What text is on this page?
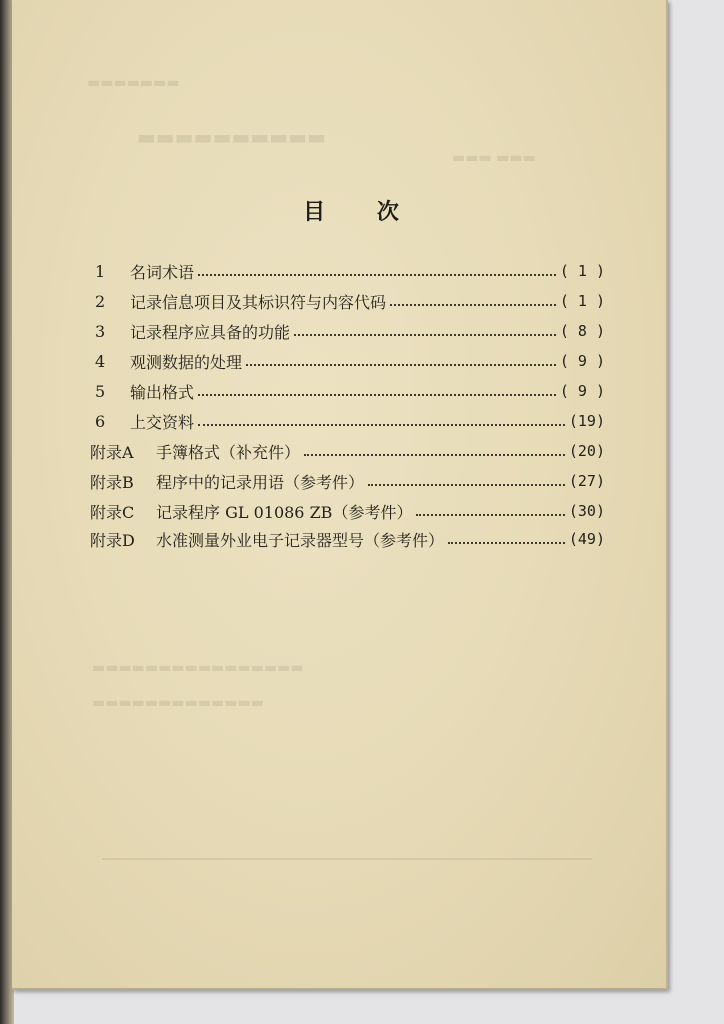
▬▬▬▬▬▬▬
▬▬▬▬▬▬▬▬▬▬
▬▬▬ ▬▬▬
▬▬▬▬▬▬▬▬▬▬▬▬▬▬▬▬
▬▬▬▬▬▬▬▬▬▬▬▬▬
目 次
1	名词术语	( 1 )
2	记录信息项目及其标识符与内容代码	( 1 )
3	记录程序应具备的功能	( 8 )
4	观测数据的处理	( 9 )
5	输出格式	( 9 )
6	上交资料	(19)
附录A	手簿格式（补充件）	(20)
附录B	程序中的记录用语（参考件）	(27)
附录C	记录程序 GL 01086 ZB（参考件）	(30)
附录D	水准测量外业电子记录器型号（参考件）	(49)
